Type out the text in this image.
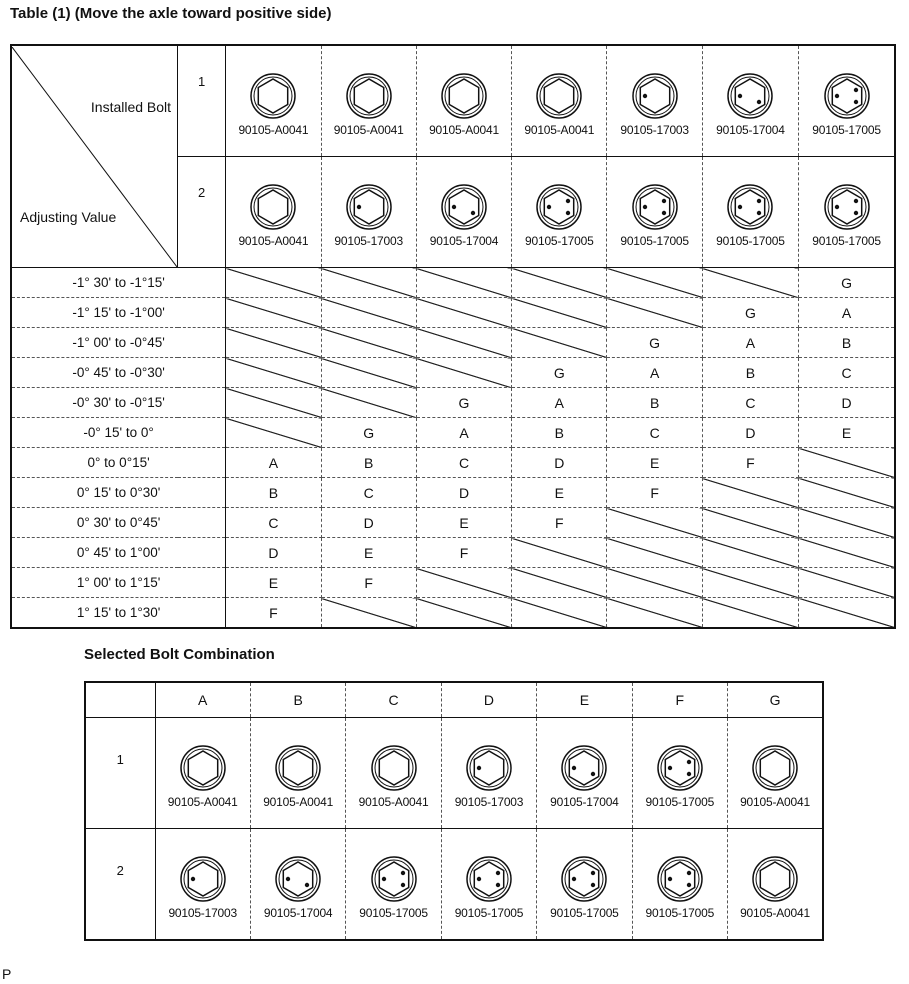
Table (1) (Move the axle toward positive side)
Installed Bolt
Adjusting Value	1	90105-A0041	90105-A0041	90105-A0041	90105-A0041	90105-17003	90105-17004	90105-17005

	2	90105-A0041	90105-17003	90105-17004	90105-17005	90105-17005	90105-17005	90105-17005

-1° 30' to -1°15'								G
-1° 15' to -1°00'							G	A
-1° 00' to -0°45'						G	A	B
-0° 45' to -0°30'					G	A	B	C
-0° 30' to -0°15'				G	A	B	C	D
-0° 15' to 0°			G	A	B	C	D	E
0° to 0°15'		A	B	C	D	E	F	
0° 15' to 0°30'		B	C	D	E	F		
0° 30' to 0°45'		C	D	E	F			
0° 45' to 1°00'		D	E	F				
1° 00' to 1°15'		E	F					
1° 15' to 1°30'		F						
Selected Bolt Combination
	A	B	C	D	E	F	G
1	90105-A0041	90105-A0041	90105-A0041	90105-17003	90105-17004	90105-17005	90105-A0041

2	90105-17003	90105-17004	90105-17005	90105-17005	90105-17005	90105-17005	90105-A0041
P
